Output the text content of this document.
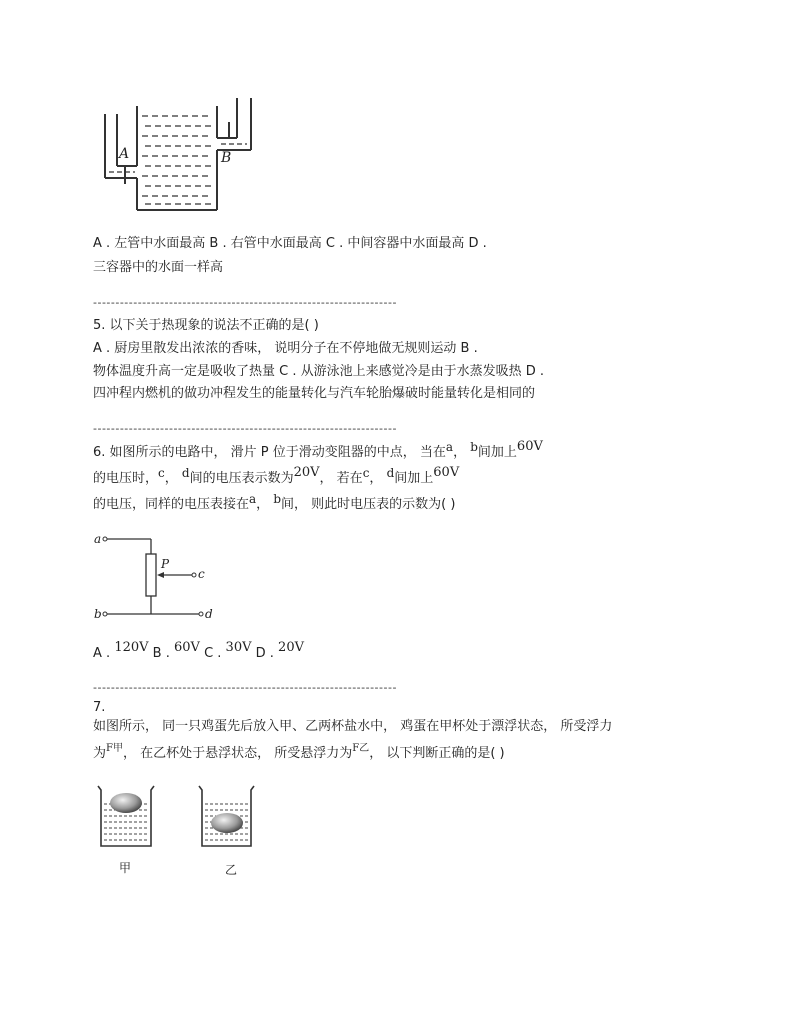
A	B
A . 左管中水面最高 B . 右管中水面最高 C . 中间容器中水面最高 D .
三容器中的水面一样高
--------------------------------------------------------------------
5. 以下关于热现象的说法不正确的是( )
A . 厨房里散发出浓浓的香味， 说明分子在不停地做无规则运动 B .
物体温度升高一定是吸收了热量 C . 从游泳池上来感觉冷是由于水蒸发吸热 D .
四冲程内燃机的做功冲程发生的能量转化与汽车轮胎爆破时能量转化是相同的
--------------------------------------------------------------------
6. 如图所示的电路中， 滑片 P 位于滑动变阻器的中点， 当在a， b间加上60V
的电压时，c， d间的电压表示数为20V， 若在c， d间加上60V
的电压，同样的电压表接在a， b间， 则此时电压表的示数为( )
a
b
c
d
P
A . 120V B . 60V C . 30V D . 20V
--------------------------------------------------------------------
7.
如图所示， 同一只鸡蛋先后放入甲、乙两杯盐水中， 鸡蛋在甲杯处于漂浮状态， 所受浮力
为$^{F甲}$， 在乙杯处于悬浮状态， 所受悬浮力为$^{F乙}$， 以下判断正确的是( )
甲	乙
